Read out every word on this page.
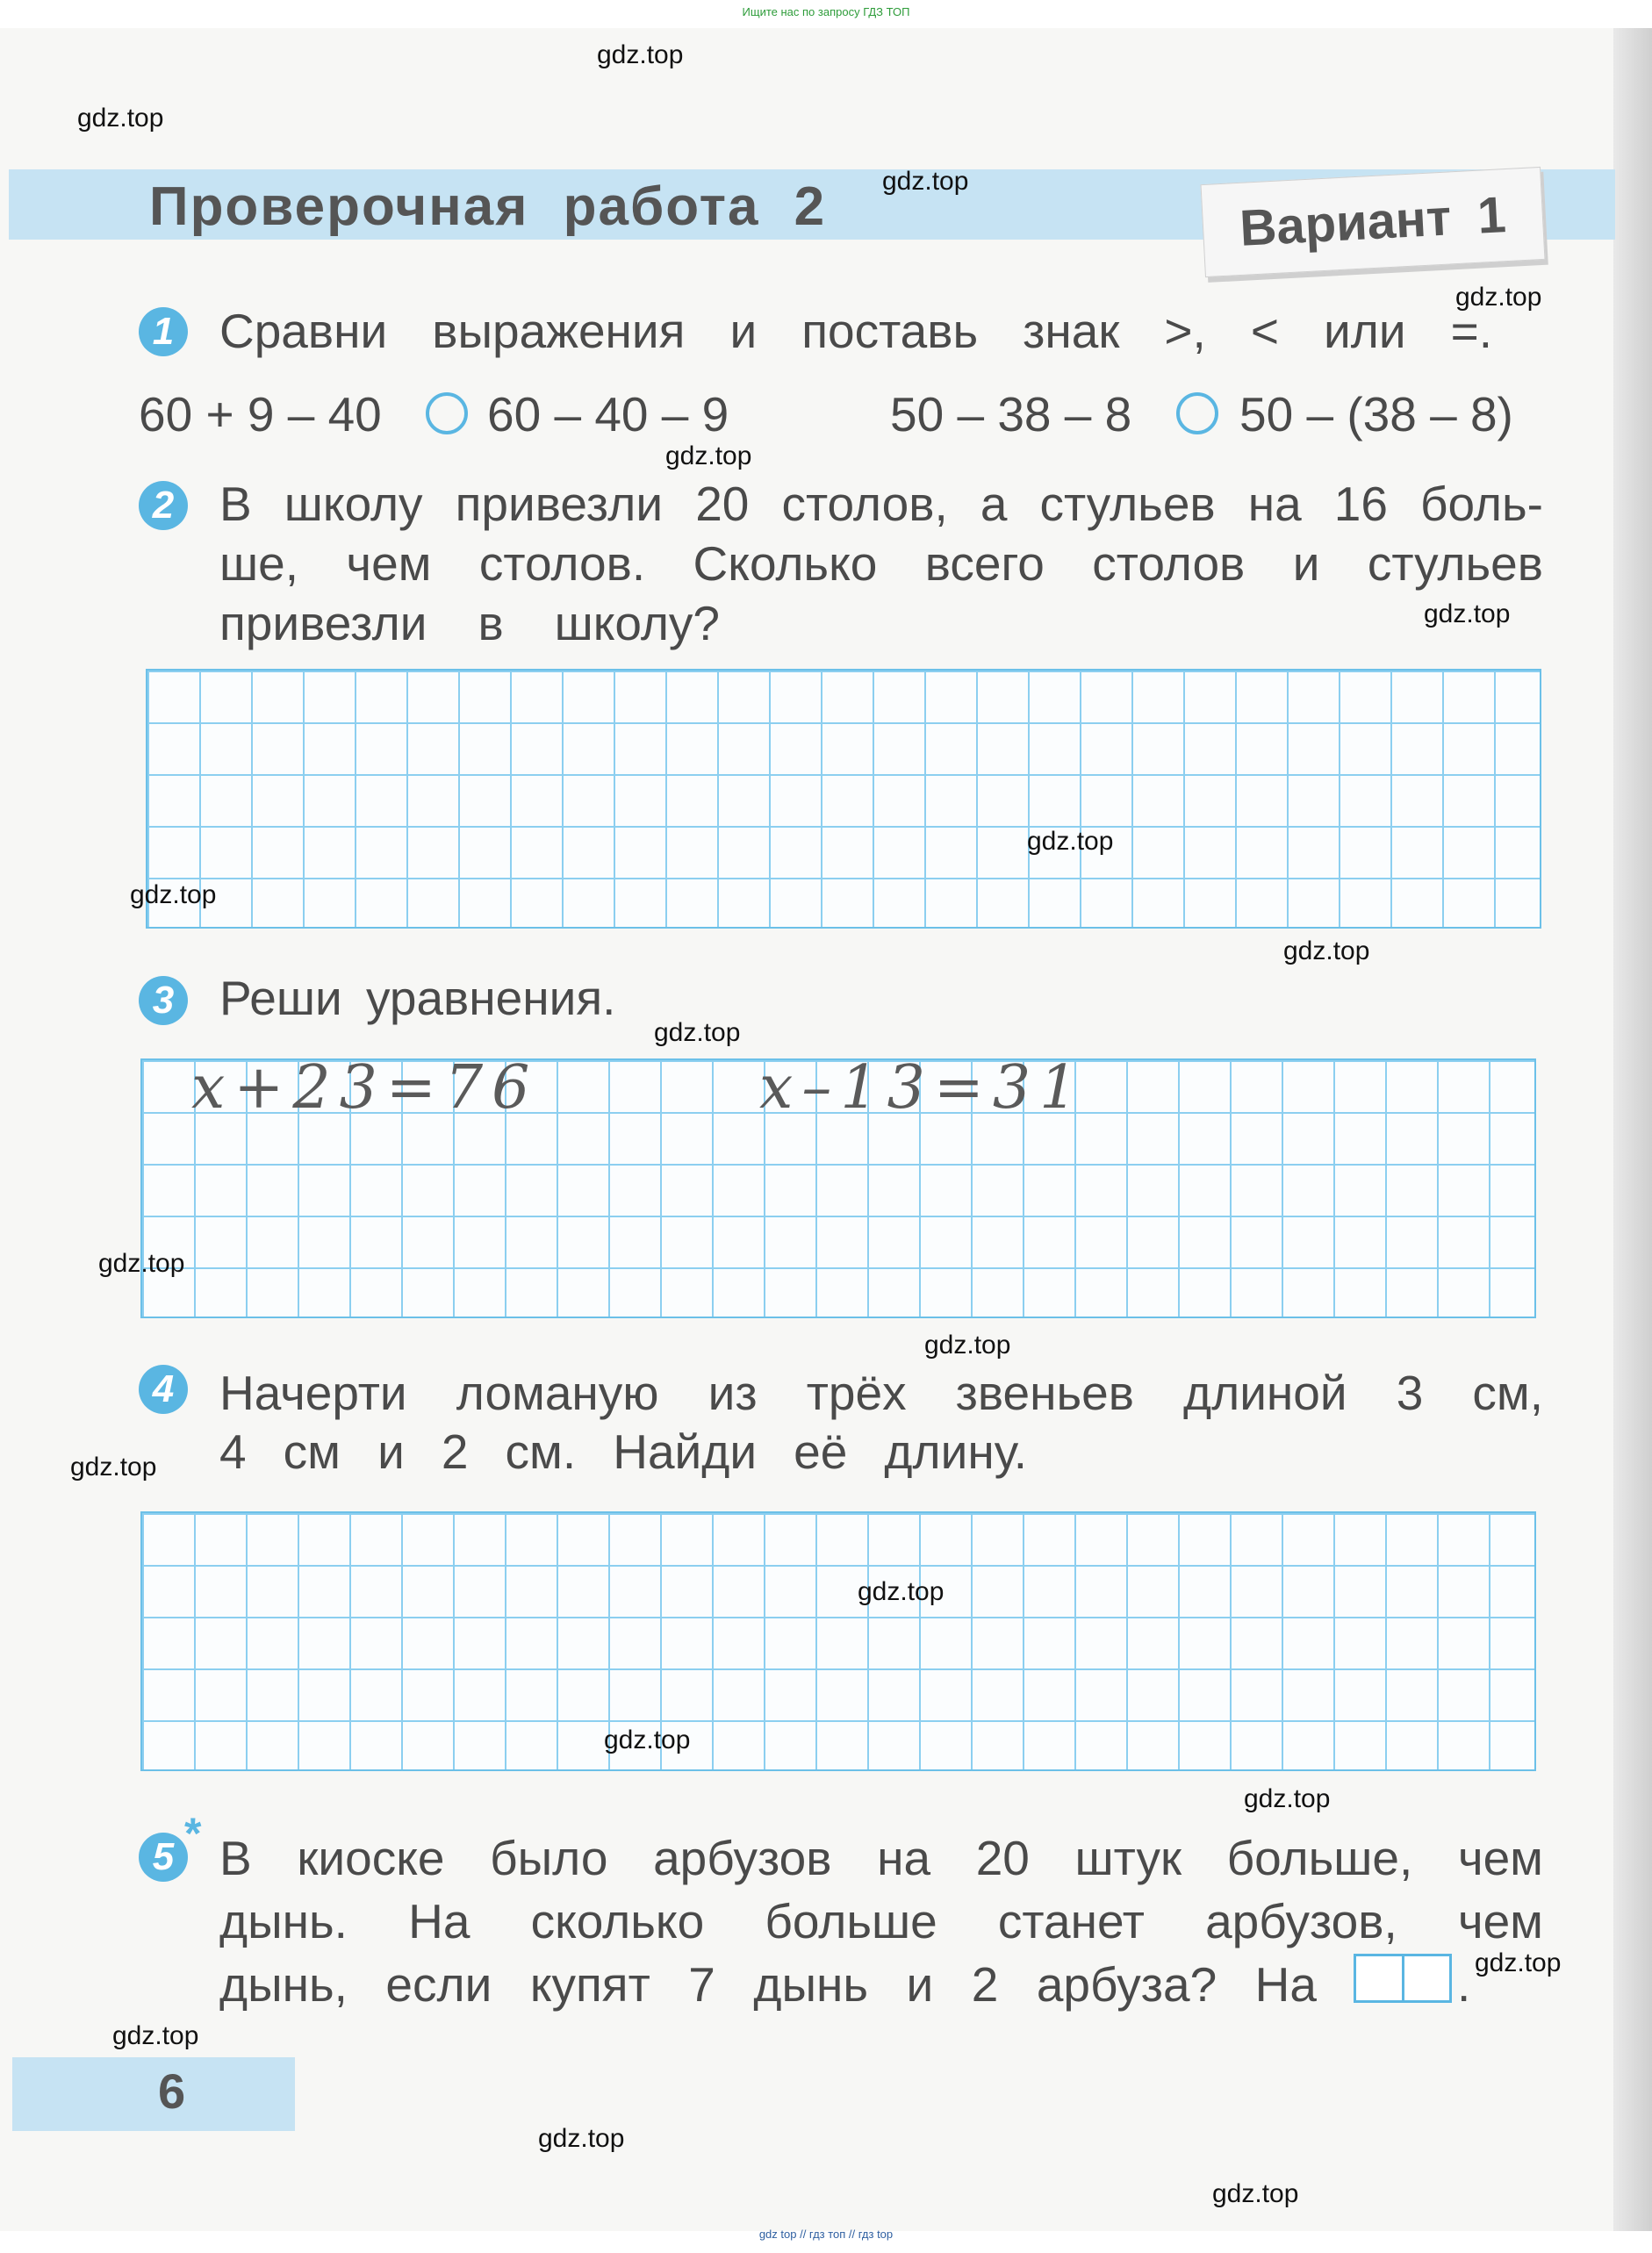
Ищите нас по запросу ГДЗ ТОП
Проверочная работа 2	Вариант 1
1 Сравни выражения и поставь знак >, < или =.
60 + 9 – 40 60 – 40 – 9	50 – 38 – 8 50 – (38 – 8)
2 В школу привезли 20 столов, а стульев на 16 боль-
ше, чем столов. Сколько всего столов и стульев
привезли в школу?
3 Реши уравнения.
x+23=76	x–13=31
4 Начерти ломаную из трёх звеньев длиной 3 см,
4 см и 2 см. Найди её длину.
5 * В киоске было арбузов на 20 штук больше, чем
дынь. На сколько больше станет арбузов, чем
дынь, если купят 7 дынь и 2 арбуза? На	.
6
gdz.top
gdz.top
gdz.top
gdz.top
gdz.top
gdz.top
gdz.top
gdz.top
gdz.top
gdz.top
gdz.top
gdz.top
gdz.top
gdz.top
gdz.top
gdz.top
gdz.top
gdz.top
gdz.top
gdz.top
gdz top // гдз топ // гдз top
